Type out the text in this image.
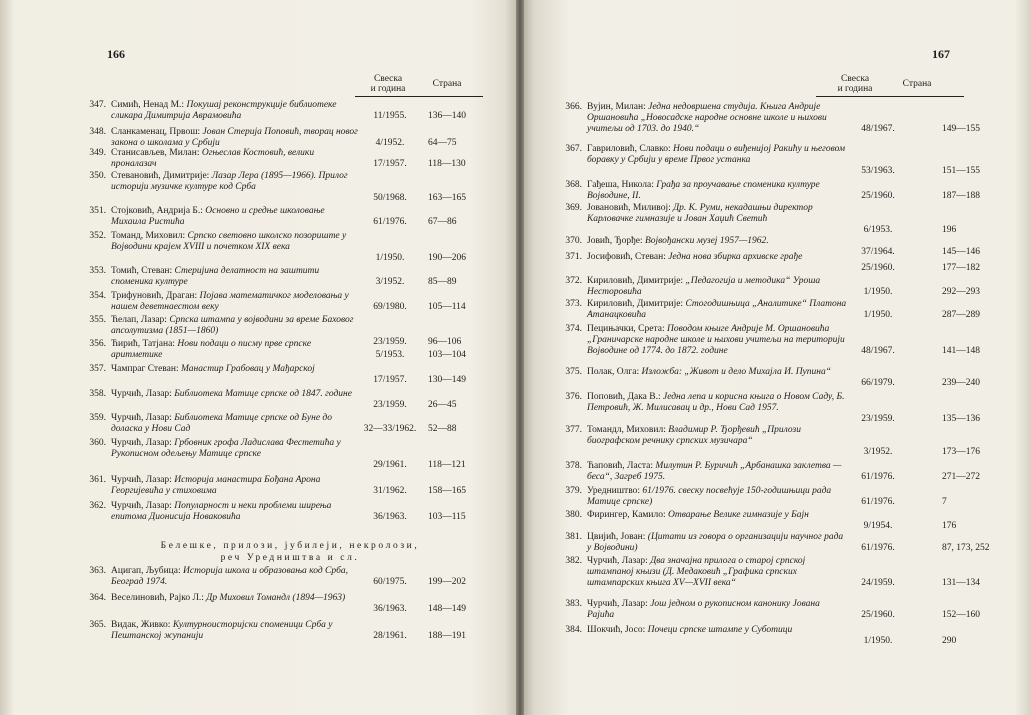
166
Свеска
и година	Страна
347. Симић, Ненад М.: Покушај реконструкције библиотеке сликара Димитрија Аврамовића	11/1955.	136—140
348. Сланкаменац, Првош: Јован Стерија Поповић, творац новог закона о школама у Србији	4/1952.	64—75
349. Станисављев, Милан: Огњеслав Костовић, велики проналазач	17/1957.	118—130
350. Стевановић, Димитрије: Лазар Лера (1895—1966). Прилог историји музичке културе код Срба
50/1968.	163—165
351. Стојковић, Андрија Б.: Основно и средње школовање Михаила Ристића	61/1976.	67—86
352. Томанд, Миховил: Српско световно школско позориште у Војводини крајем XVIII и почетком XIX века
1/1950.	190—206
353. Томић, Стеван: Стеријина делатност на заштити споменика културе	3/1952.	85—89
354. Трифуновић, Драган: Појава математичког моделовања у нашем деветнаестом веку	69/1980.	105—114
355. Ћелап, Лазар: Српска штампа у војводини за време Баховог апсолутизма (1851—1860)
23/1959.	96—106
356. Ћирић, Татјана: Нови подаци о писму прве српске аритметике	5/1953.	103—104
357. Чампраг Стеван: Манастир Грабовац у Мађарској
17/1957.	130—149
358. Чурчић, Лазар: Библиотека Матице српске од 1847. године
23/1959.	26—45
359. Чурчић, Лазар: Библиотека Матице српске од Буне до доласка у Нови Сад	32—33/1962.	52—88
360. Чурчић, Лазар: Грбовник грофа Ладислава Фестетића у Рукописном одељењу Матице српске
29/1961.	118—121
361. Чурчић, Лазар: Историја манастира Бођана Арона Георгијевића у стиховима	31/1962.	158—165
362. Чурчић, Лазар: Популарност и неки проблеми ширења епитома Дионисија Новаковића	36/1963.	103—115
Белешке, прилози, јубилеји, некролози,
реч Уредништва и сл.
363. Ацигап, Љубица: Историја школа и образовања код Срба, Београд 1974.	60/1975.	199—202
364. Веселиновић, Рајко Л.: Др Миховил Томандл (1894—1963)
36/1963.	148—149
365. Видак, Живко: Културноисторијски споменици Срба у Пештанској жупанији	28/1961.	188—191
167
Свеска
и година	Страна
366. Вујин, Милан: Једна недовршена студија. Књига Андрије Оршановића „Новосадске народне основне школе и њихови учитељи од 1703. до 1940.“	48/1967.	149—155
367. Гавриловић, Славко: Нови подаци о виђенијој Ракићу и његовом боравку у Србији у време Првог устанка
53/1963.	151—155
368. Гађеша, Никола: Грађа за проучавање споменика културе Војводине, II.	25/1960.	187—188
369. Јовановић, Миливој: Др. К. Руми, некадашњи директор Карловачке гимназије и Јован Хаџић Светић
6/1953.	196
370. Јовић, Ђорђе: Војвођански музеј 1957—1962.
37/1964.	145—146
371. Јосифовић, Стеван: Једна нова збирка архивске грађе
25/1960.	177—182
372. Кириловић, Димитрије: „Педагогија и методика“ Уроша Несторовића	1/1950.	292—293
373. Кириловић, Димитрије: Стогодишњица „Аналитике“ Платона Атанацковића	1/1950.	287—289
374. Пецињачки, Срета: Поводом књиге Андрије М. Оршановића „Граничарске народне школе и њихови учитељи на територији Војводине од 1774. до 1872. године	48/1967.	141—148
375. Полак, Олга: Изложба: „Живот и дело Михајла И. Пупина“
66/1979.	239—240
376. Поповић, Дака В.: Једна лепа и корисна књига о Новом Саду, Б. Петровић, Ж. Милисавац и др., Нови Сад 1957.
23/1959.	135—136
377. Томандл, Миховил: Владимир Р. Ђорђевић „Прилози биографском речнику српских музичара“
3/1952.	173—176
378. Ћаповић, Ласта: Милутин Р. Буричић „Арбанашка заклетва — беса“, Загреб 1975.	61/1976.	271—272
379. Уредништво: 61/1976. свеску посвећује 150-годишњици рада Матице српске)	61/1976.	7
380. Фирингер, Камило: Отварање Велике гимназије у Бајн
9/1954.	176
381. Цвијић, Јован: (Цитати из говора о организацији научног рада у Војводини)	61/1976.	87, 173, 252
382. Чурчић, Лазар: Два значајна прилога о старој српској штампаној књизи (Д. Медаковић „Графика српских штампарских књига XV—XVII века“	24/1959.	131—134
383. Чурчић, Лазар: Још једном о рукописном канонику Јована Рајића	25/1960.	152—160
384. Шокчић, Јосо: Почеци српске штампе у Суботици
1/1950.	290
